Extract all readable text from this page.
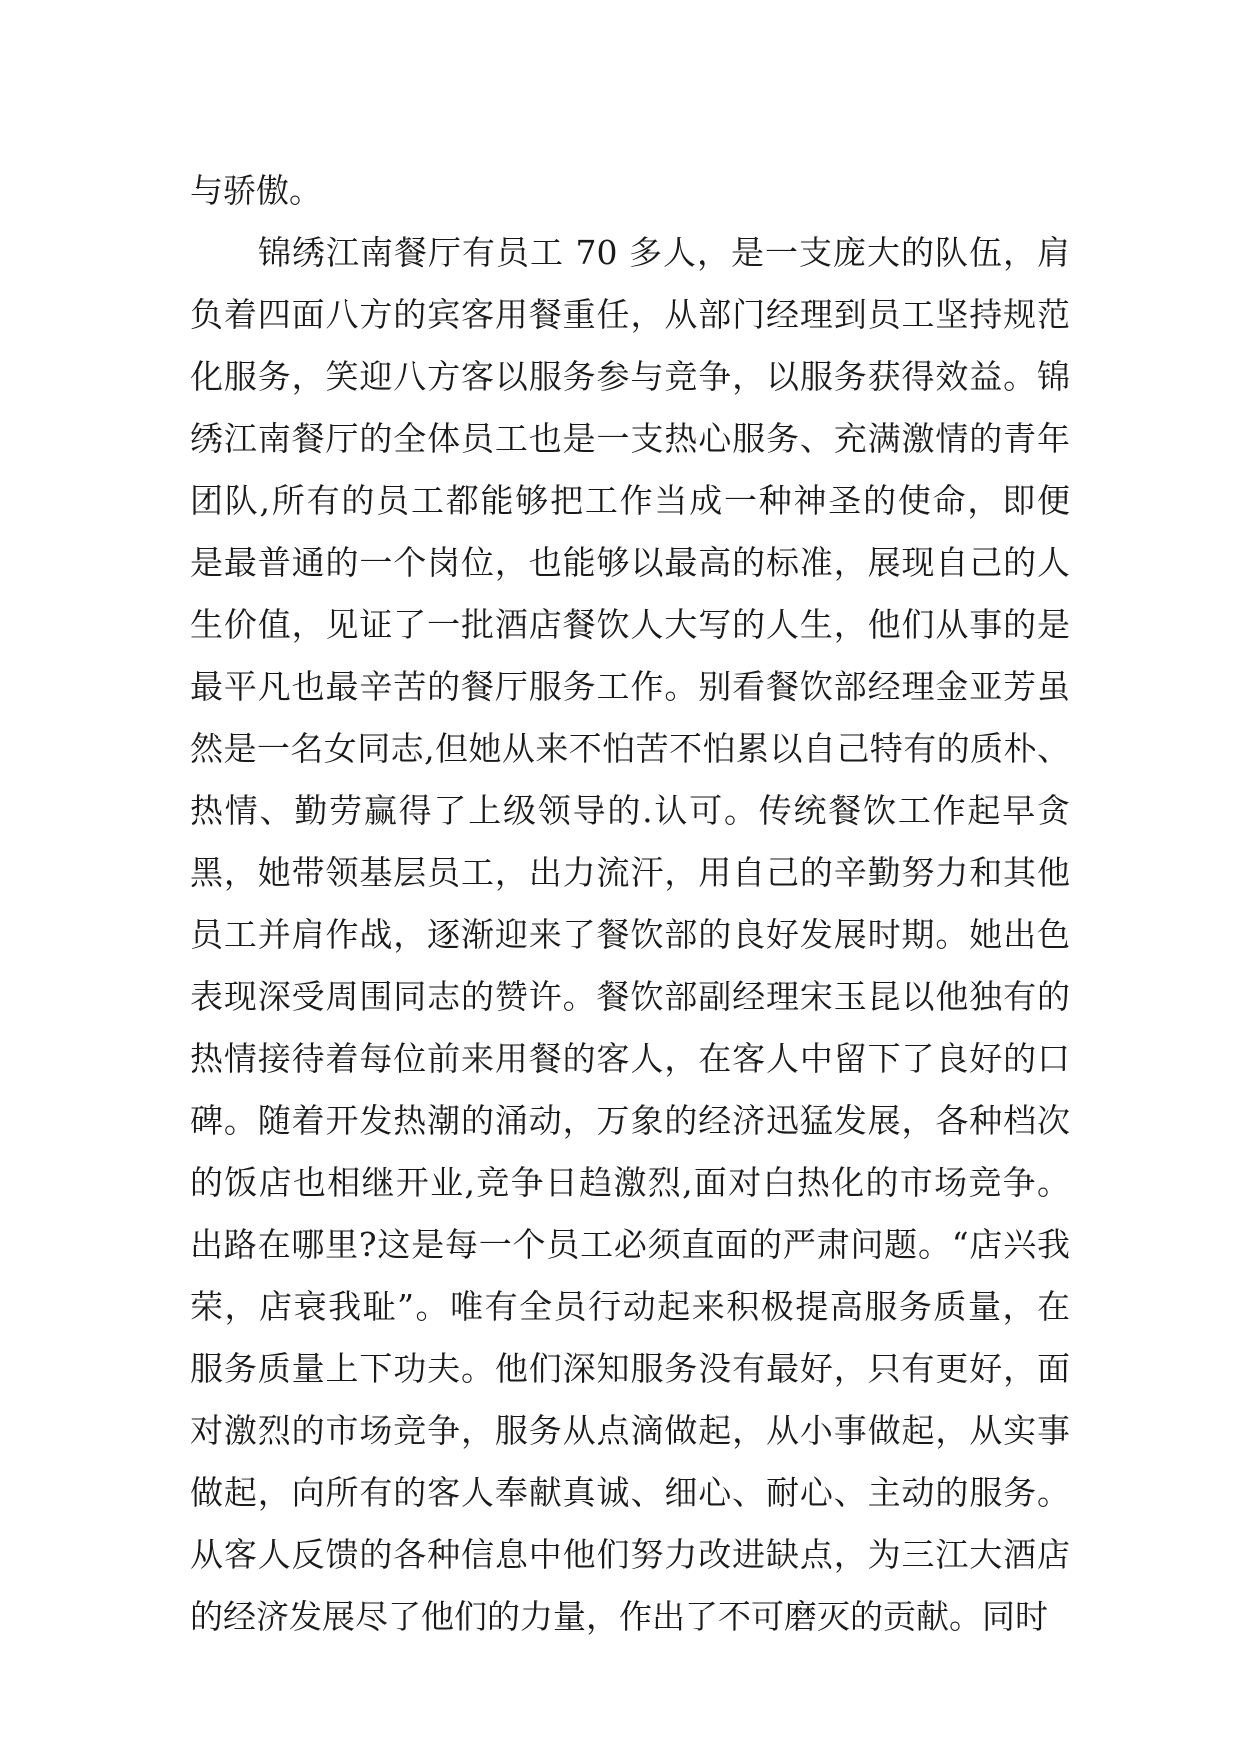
与骄傲。
锦绣江南餐厅有员工 70 多人，是一支庞大的队伍，肩
负着四面八方的宾客用餐重任，从部门经理到员工坚持规范
化服务，笑迎八方客以服务参与竞争，以服务获得效益。锦
绣江南餐厅的全体员工也是一支热心服务、充满激情的青年
团队,所有的员工都能够把工作当成一种神圣的使命，即便
是最普通的一个岗位，也能够以最高的标准，展现自己的人
生价值，见证了一批酒店餐饮人大写的人生，他们从事的是
最平凡也最辛苦的餐厅服务工作。别看餐饮部经理金亚芳虽
然是一名女同志,但她从来不怕苦不怕累以自己特有的质朴、
热情、勤劳赢得了上级领导的.认可。传统餐饮工作起早贪
黑，她带领基层员工，出力流汗，用自己的辛勤努力和其他
员工并肩作战，逐渐迎来了餐饮部的良好发展时期。她出色
表现深受周围同志的赞许。餐饮部副经理宋玉昆以他独有的
热情接待着每位前来用餐的客人，在客人中留下了良好的口
碑。随着开发热潮的涌动，万象的经济迅猛发展，各种档次
的饭店也相继开业,竞争日趋激烈,面对白热化的市场竞争。
出路在哪里?这是每一个员工必须直面的严肃问题。“店兴我
荣，店衰我耻”。唯有全员行动起来积极提高服务质量，在
服务质量上下功夫。他们深知服务没有最好，只有更好，面
对激烈的市场竞争，服务从点滴做起，从小事做起，从实事
做起，向所有的客人奉献真诚、细心、耐心、主动的服务。
从客人反馈的各种信息中他们努力改进缺点，为三江大酒店
的经济发展尽了他们的力量，作出了不可磨灭的贡献。同时
